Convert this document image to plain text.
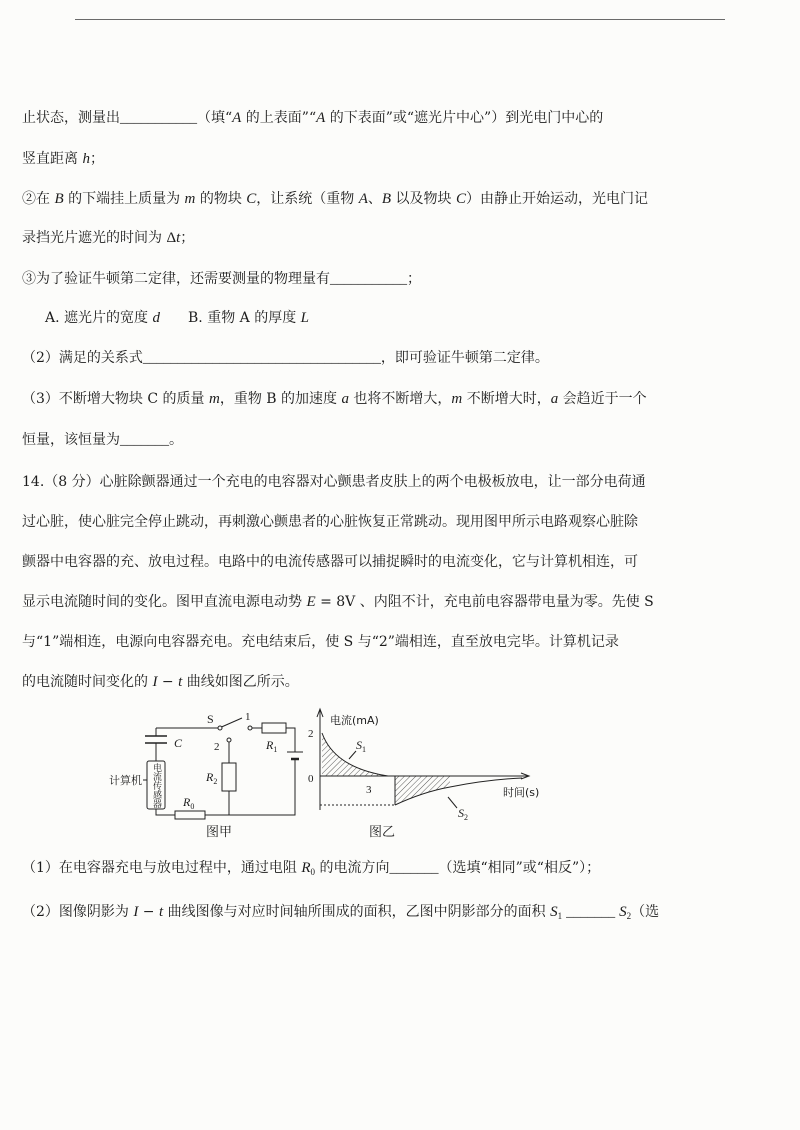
止状态，测量出 ___________ （填“ A 的上表面”“ A 的下表面”或“遮光片中心”）到光电门中心的
竖直距离 h ；
②在 B 的下端挂上质量为 m 的物块 C ，让系统（重物 A 、 B 以及物块 C ）由静止开始运动，光电门记
录挡光片遮光的时间为 Δ t ；
③为了验证牛顿第二定律，还需要测量的物理量有 ___________ ；
A. 遮光片的宽度 d B. 重物 A 的厚度 L
（2）满足的关系式 __________________________________ ，即可验证牛顿第二定律。
（3）不断增大物块 C 的质量 m ，重物 B 的加速度 a 也将不断增大， m 不断增大时， a 会趋近于一个
恒量，该恒量为 _______ 。
14.（8 分）心脏除颤器通过一个充电的电容器对心颤患者皮肤上的两个电极板放电，让一部分电荷通
过心脏，使心脏完全停止跳动，再刺激心颤患者的心脏恢复正常跳动。现用图甲所示电路观察心脏除
颤器中电容器的充、放电过程。电路中的电流传感器可以捕捉瞬时的电流变化，它与计算机相连，可
显示电流随时间的变化。图甲直流电源电动势 E = 8V 、内阻不计，充电前电容器带电量为零。先使 S
与“1”端相连，电源向电容器充电。充电结束后，使 S 与“2”端相连，直至放电完毕。计算机记录
的电流随时间变化的 I − t 曲线如图乙所示。
S	1
2
C	$R_1$
$R_2$
$R_0$
计算机	电流传感器
电流(mA)
2
0
3	时间(s)
$S_1$
$S_2$
图甲	图乙
（1）在电容器充电与放电过程中，通过电阻 $R_0$ 的电流方向 _______ （选填“相同”或“相反”）；
（2）图像阴影为 I − t 曲线图像与对应时间轴所围成的面积，乙图中阴影部分的面积 $S_1$ _______ $S_2$ （选
